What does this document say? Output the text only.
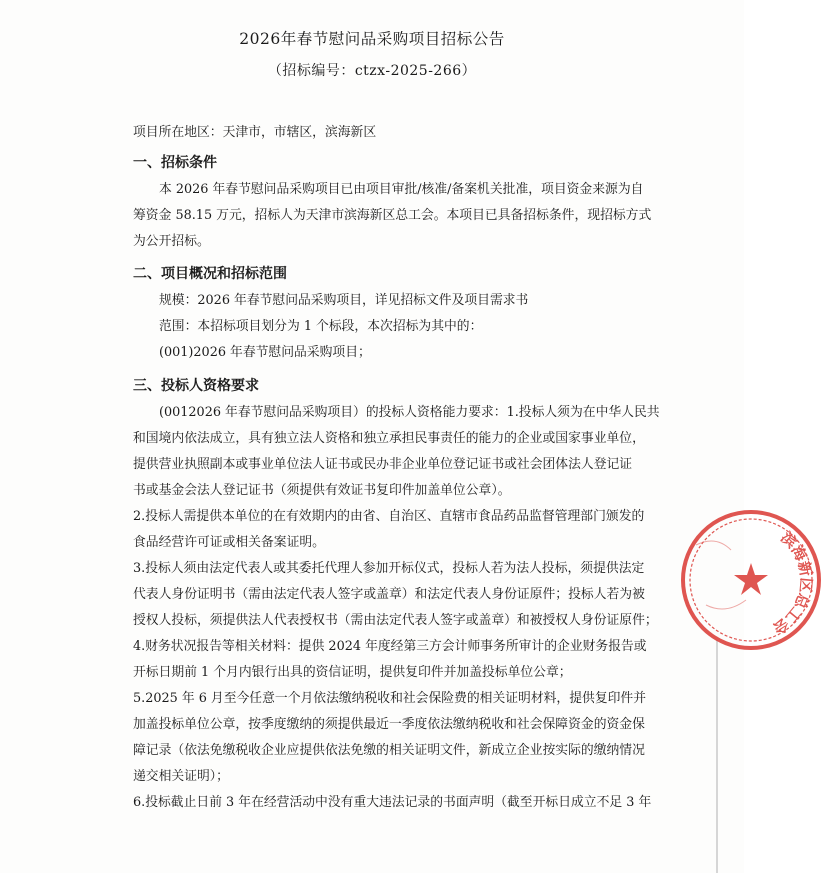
2026年春节慰问品采购项目招标公告
（招标编号：ctzx-2025-266）
项目所在地区：天津市，市辖区，滨海新区
一、招标条件
本 2026 年春节慰问品采购项目已由项目审批/核准/备案机关批准，项目资金来源为自
筹资金 58.15 万元，招标人为天津市滨海新区总工会。本项目已具备招标条件，现招标方式
为公开招标。
二、项目概况和招标范围
规模：2026 年春节慰问品采购项目，详见招标文件及项目需求书
范围：本招标项目划分为 1 个标段，本次招标为其中的：
(001)2026 年春节慰问品采购项目；
三、投标人资格要求
(0012026 年春节慰问品采购项目）的投标人资格能力要求：1.投标人须为在中华人民共
和国境内依法成立，具有独立法人资格和独立承担民事责任的能力的企业或国家事业单位，
提供营业执照副本或事业单位法人证书或民办非企业单位登记证书或社会团体法人登记证
书或基金会法人登记证书（须提供有效证书复印件加盖单位公章）。
2.投标人需提供本单位的在有效期内的由省、自治区、直辖市食品药品监督管理部门颁发的
食品经营许可证或相关备案证明。
3.投标人须由法定代表人或其委托代理人参加开标仪式，投标人若为法人投标，须提供法定
代表人身份证明书（需由法定代表人签字或盖章）和法定代表人身份证原件；投标人若为被
授权人投标，须提供法人代表授权书（需由法定代表人签字或盖章）和被授权人身份证原件；
4.财务状况报告等相关材料：提供 2024 年度经第三方会计师事务所审计的企业财务报告或
开标日期前 1 个月内银行出具的资信证明，提供复印件并加盖投标单位公章；
5.2025 年 6 月至今任意一个月依法缴纳税收和社会保险费的相关证明材料，提供复印件并
加盖投标单位公章，按季度缴纳的须提供最近一季度依法缴纳税收和社会保障资金的资金保
障记录（依法免缴税收企业应提供依法免缴的相关证明文件，新成立企业按实际的缴纳情况
递交相关证明）；
6.投标截止日前 3 年在经营活动中没有重大违法记录的书面声明（截至开标日成立不足 3 年
滨海新区总工会
